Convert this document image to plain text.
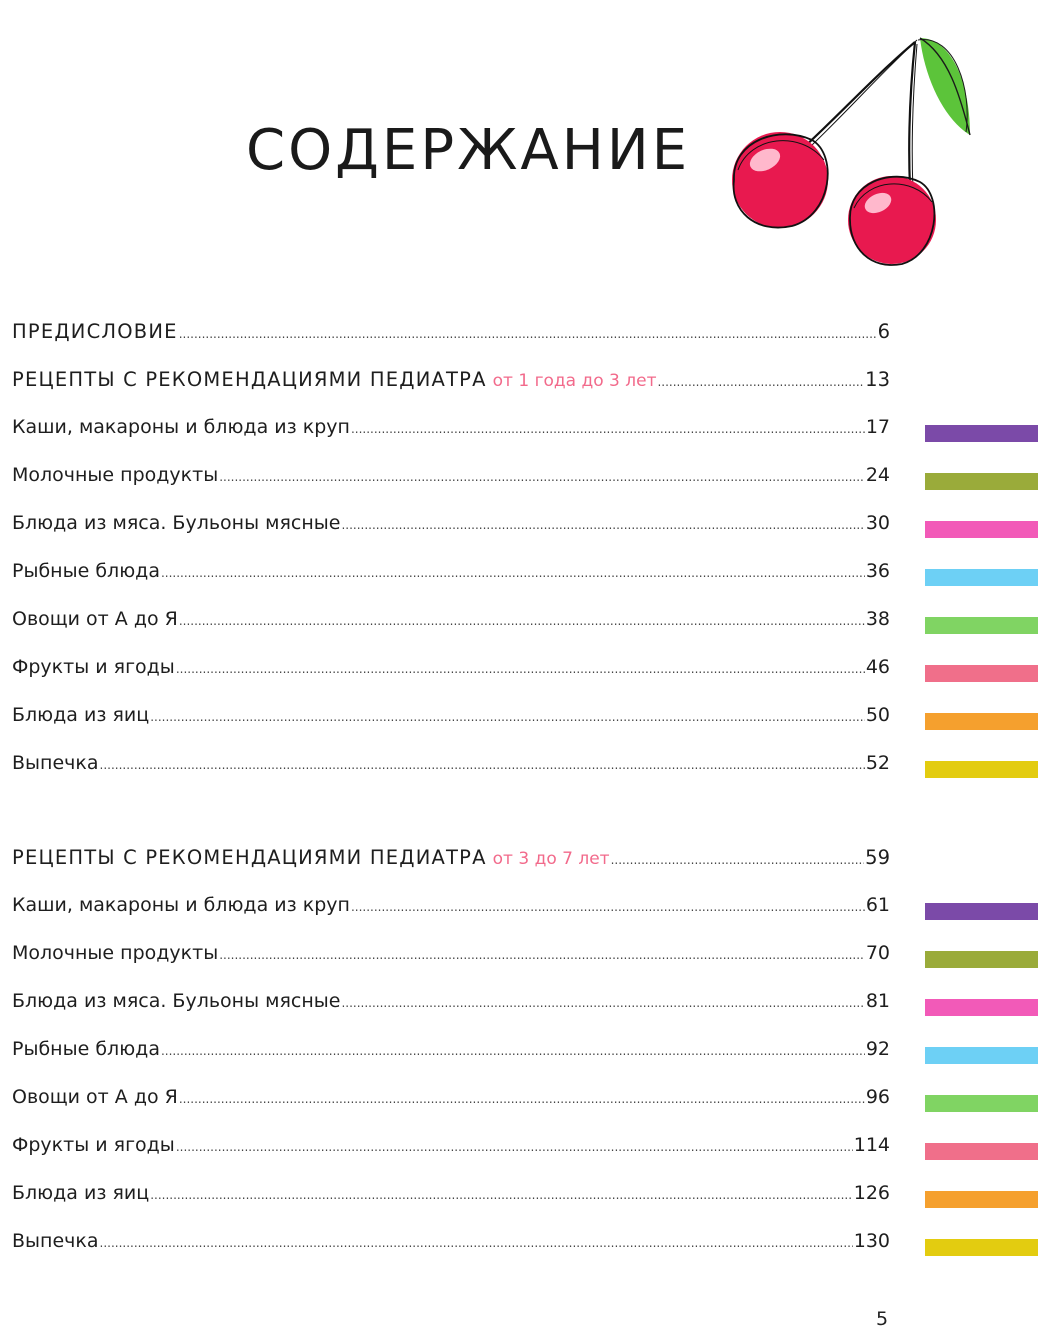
СОДЕРЖАНИЕ
ПРЕДИСЛОВИЕ .....	6
РЕЦЕПТЫ С РЕКОМЕНДАЦИЯМИ ПЕДИАТРА от 1 года до 3 лет .....	13
Каши, макароны и блюда из круп .....	17
Молочные продукты .....	24
Блюда из мяса. Бульоны мясные .....	30
Рыбные блюда .....	36
Овощи от А до Я .....	38
Фрукты и ягоды .....	46
Блюда из яиц .....	50
Выпечка .....	52
РЕЦЕПТЫ С РЕКОМЕНДАЦИЯМИ ПЕДИАТРА от 3 до 7 лет .....	59
Каши, макароны и блюда из круп .....	61
Молочные продукты .....	70
Блюда из мяса. Бульоны мясные .....	81
Рыбные блюда .....	92
Овощи от А до Я .....	96
Фрукты и ягоды .....	114
Блюда из яиц .....	126
Выпечка .....	130
5
